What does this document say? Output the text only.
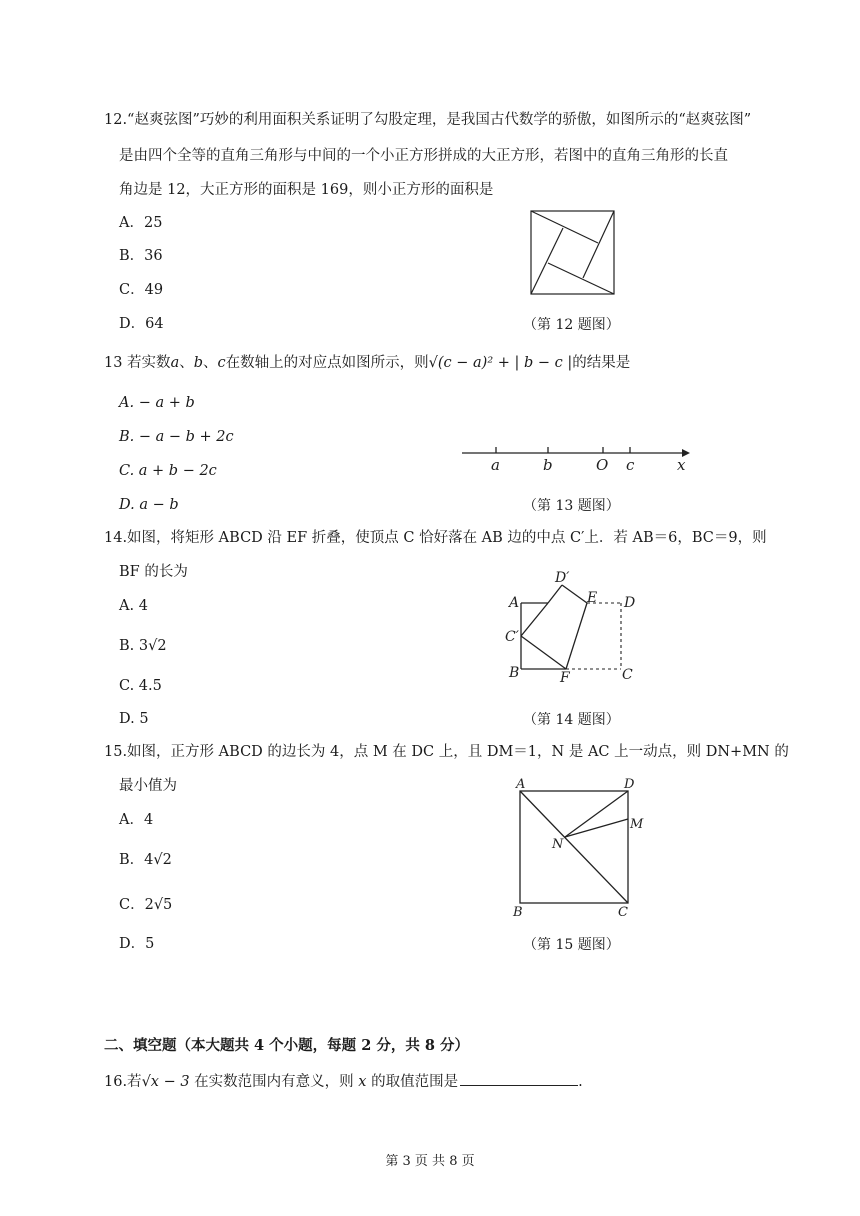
12.“赵爽弦图”巧妙的利用面积关系证明了勾股定理，是我国古代数学的骄傲，如图所示的“赵爽弦图”
是由四个全等的直角三角形与中间的一个小正方形拼成的大正方形，若图中的直角三角形的长直
角边是 12，大正方形的面积是 169，则小正方形的面积是
A．25
B．36
C．49
D．64	（第 12 题图）
13 若实数a、b、c在数轴上的对应点如图所示，则√(c − a)² + | b − c |的结果是
A. − a + b
B. − a − b + 2c
C. a + b − 2c
D. a − b
a	b	O c	x
（第 13 题图）
14.如图，将矩形 ABCD 沿 EF 折叠，使顶点 C 恰好落在 AB 边的中点 C′上．若 AB＝6，BC＝9，则
BF 的长为
A. 4
B. 3√2
C. 4.5
D. 5
D′
A	E D
C′
B	F	C
（第 14 题图）
15.如图，正方形 ABCD 的边长为 4，点 M 在 DC 上，且 DM＝1，N 是 AC 上一动点，则 DN+MN 的
最小值为
A．4
B．4√2
C．2√5
D．5
A	D
M
N
B	C
（第 15 题图）
二、填空题（本大题共 4 个小题，每题 2 分，共 8 分）
16.若√x − 3 在实数范围内有意义，则 x 的取值范围是	.
第 3 页 共 8 页
